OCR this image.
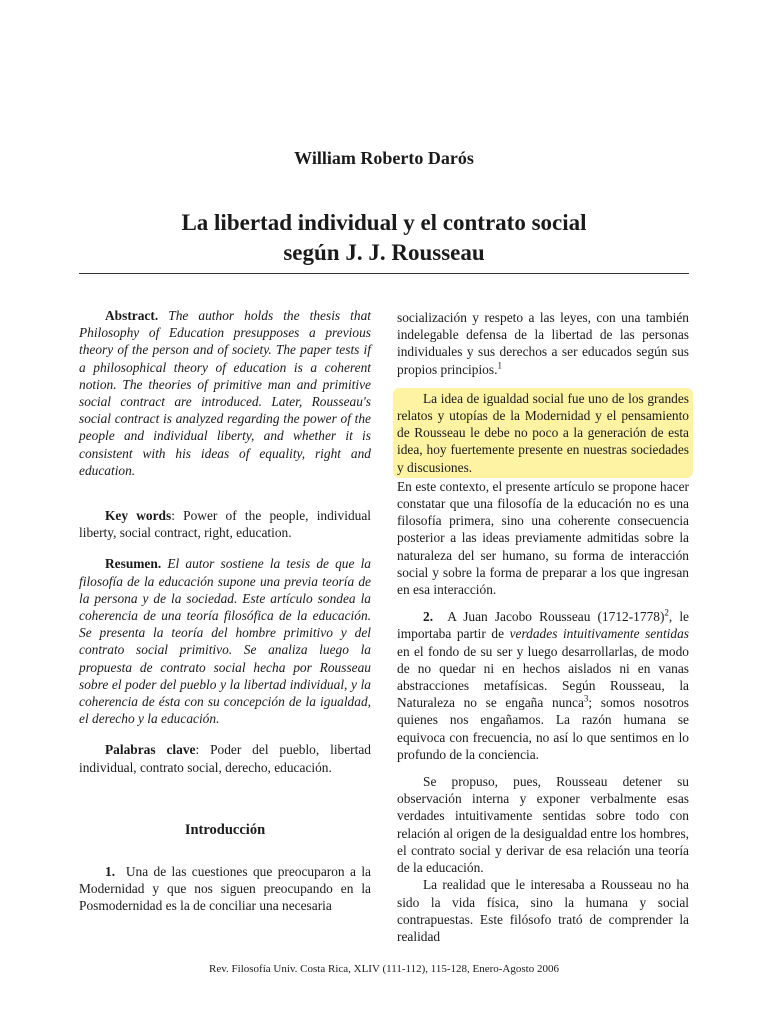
William Roberto Darós
La libertad individual y el contrato social
según J. J. Rousseau

Abstract. The author holds the thesis that Philosophy of Education presupposes a previous theory of the person and of society. The paper tests if a philosophical theory of education is a coherent notion. The theories of primitive man and primitive social contract are introduced. Later, Rousseau's social contract is analyzed regarding the power of the people and individual liberty, and whether it is consistent with his ideas of equality, right and education.

Key words: Power of the people, individual liberty, social contract, right, education.

Resumen. El autor sostiene la tesis de que la filosofía de la educación supone una previa teoría de la persona y de la sociedad. Este artículo sondea la coherencia de una teoría filosófica de la educación. Se presenta la teoría del hombre primitivo y del contrato social primitivo. Se analiza luego la propuesta de contrato social hecha por Rousseau sobre el poder del pueblo y la libertad individual, y la coherencia de ésta con su concepción de la igualdad, el derecho y la educación.

Palabras clave: Poder del pueblo, libertad individual, contrato social, derecho, educación.

Introducción

1. Una de las cuestiones que preocuparon a la Modernidad y que nos siguen preocupando en la Posmodernidad es la de conciliar una necesaria

socialización y respeto a las leyes, con una también indelegable defensa de la libertad de las personas individuales y sus derechos a ser educados según sus propios principios.$^1$

La idea de igualdad social fue uno de los grandes relatos y utopías de la Modernidad y el pensamiento de Rousseau le debe no poco a la generación de esta idea, hoy fuertemente presente en nuestras sociedades y discusiones.

En este contexto, el presente artículo se propone hacer constatar que una filosofía de la educación no es una filosofía primera, sino una coherente consecuencia posterior a las ideas previamente admitidas sobre la naturaleza del ser humano, su forma de interacción social y sobre la forma de preparar a los que ingresan en esa interacción.

2. A Juan Jacobo Rousseau (1712-1778)$^2$, le importaba partir de verdades intuitivamente sentidas en el fondo de su ser y luego desarrollarlas, de modo de no quedar ni en hechos aislados ni en vanas abstracciones metafísicas. Según Rousseau, la Naturaleza no se engaña nunca$^3$; somos nosotros quienes nos engañamos. La razón humana se equivoca con frecuencia, no así lo que sentimos en lo profundo de la conciencia.

Se propuso, pues, Rousseau detener su observación interna y exponer verbalmente esas verdades intuitivamente sentidas sobre todo con relación al origen de la desigualdad entre los hombres, el contrato social y derivar de esa relación una teoría de la educación.

La realidad que le interesaba a Rousseau no ha sido la vida física, sino la humana y social contrapuestas. Este filósofo trató de comprender la realidad

Rev. Filosofía Univ. Costa Rica, XLIV (111-112), 115-128, Enero-Agosto 2006
